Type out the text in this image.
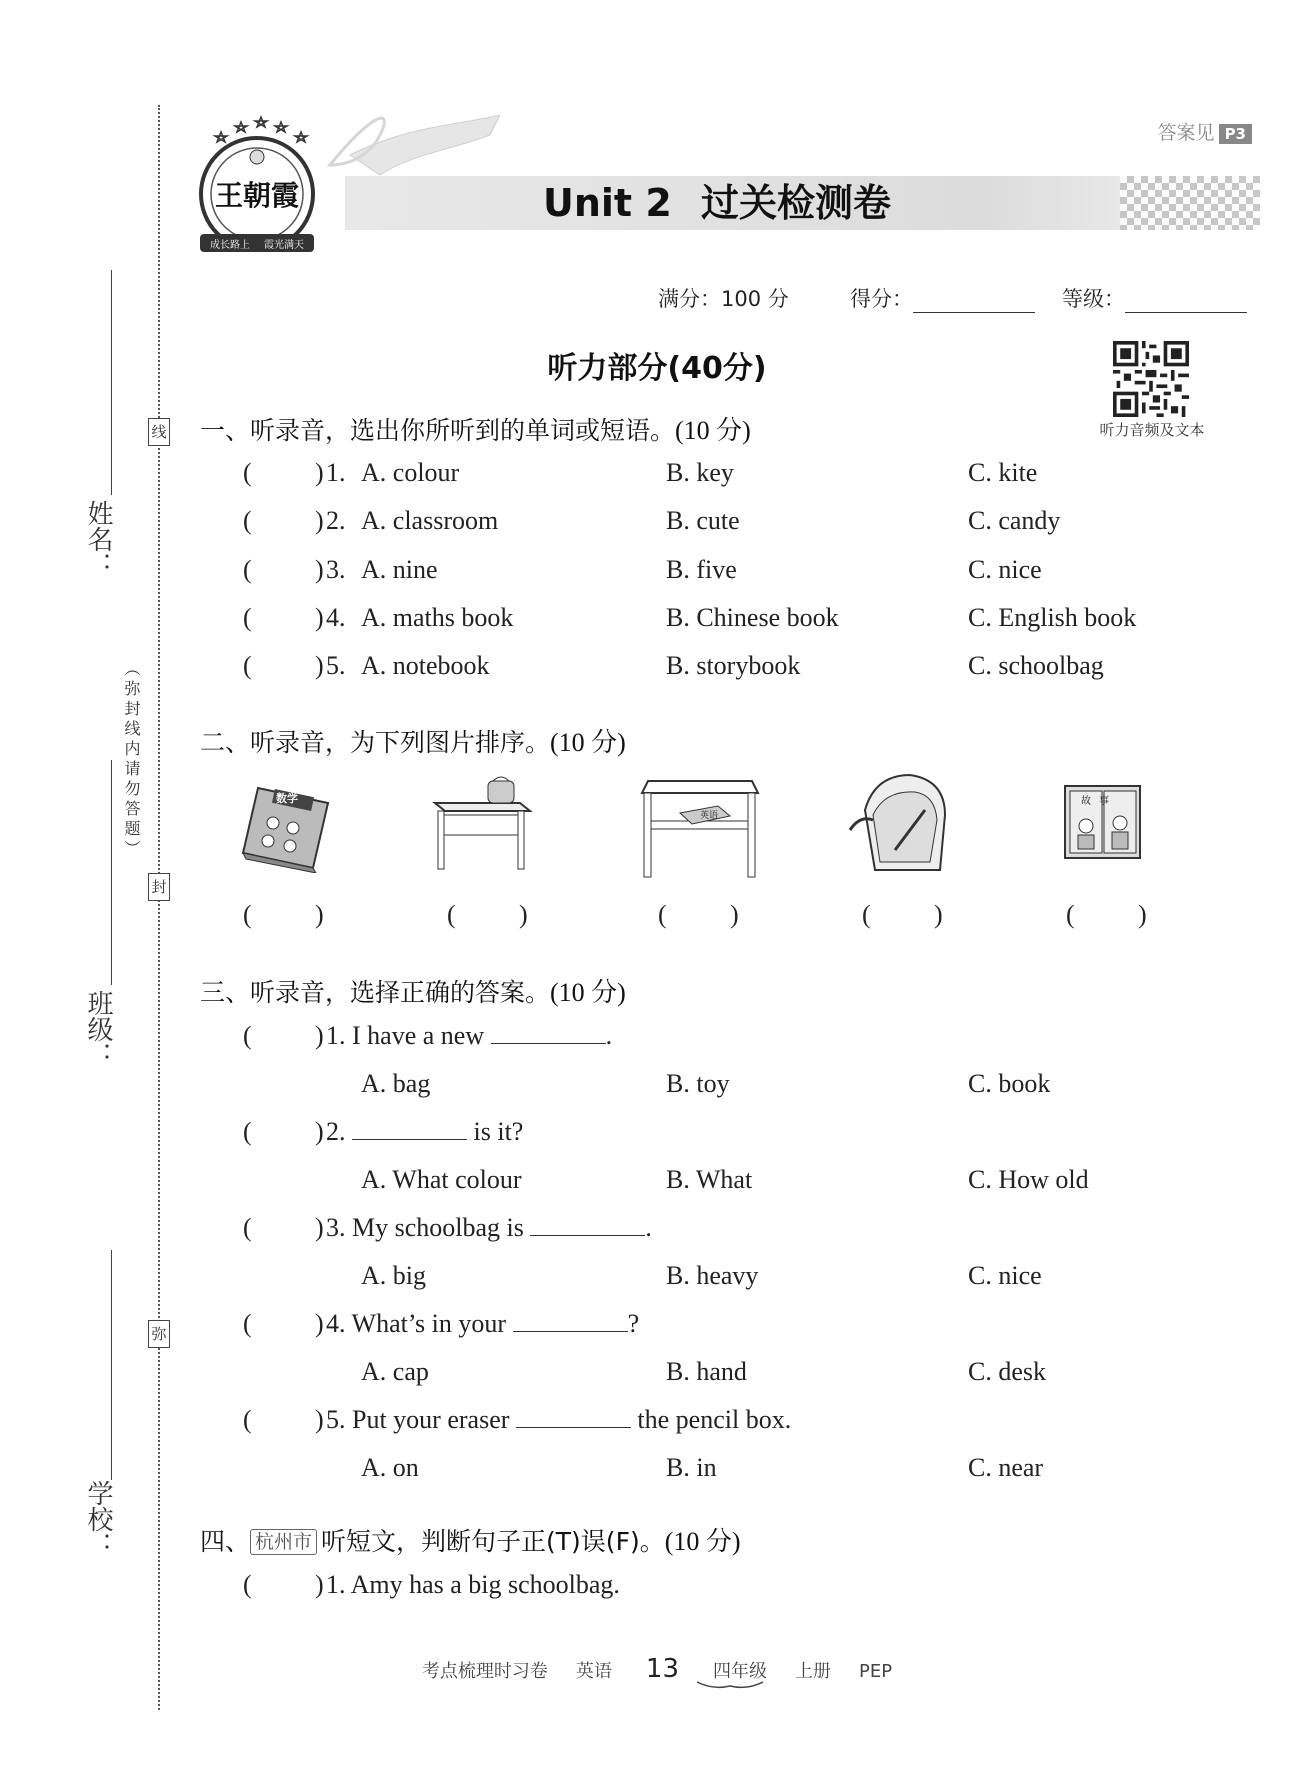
姓名：
班级：
学校：
（弥封线内请勿答题）
线
封
弥
王朝霞
成长路上	霞光满天
答案见 P3
Unit 2 过关检测卷
满分：100 分	得分：	等级：
听力部分(40分)
听力音频及文本
一、听录音，选出你所听到的单词或短语。(10 分)
( ) 1. A. colour	B. key	C. kite
( ) 2. A. classroom	B. cute	C. candy
( ) 3. A. nine	B. five	C. nice
( ) 4. A. maths book	B. Chinese book	C. English book
( ) 5. A. notebook	B. storybook	C. schoolbag
二、听录音，为下列图片排序。(10 分)
数学
英语
故事
( )	( )	( )	( )	( )
三、听录音，选择正确的答案。(10 分)
( ) 1. I have a new	.
A. bag	B. toy	C. book
( ) 2.	is it?
A. What colour	B. What	C. How old
( ) 3. My schoolbag is	.
A. big	B. heavy	C. nice
( ) 4. What’s in your	?
A. cap	B. hand	C. desk
( ) 5. Put your eraser	the pencil box.
A. on	B. in	C. near
四、 杭州市 听短文，判断句子正(T)误(F)。(10 分)
( ) 1. Amy has a big schoolbag.
考点梳理时习卷 英语 13 四年级 上册 PEP
